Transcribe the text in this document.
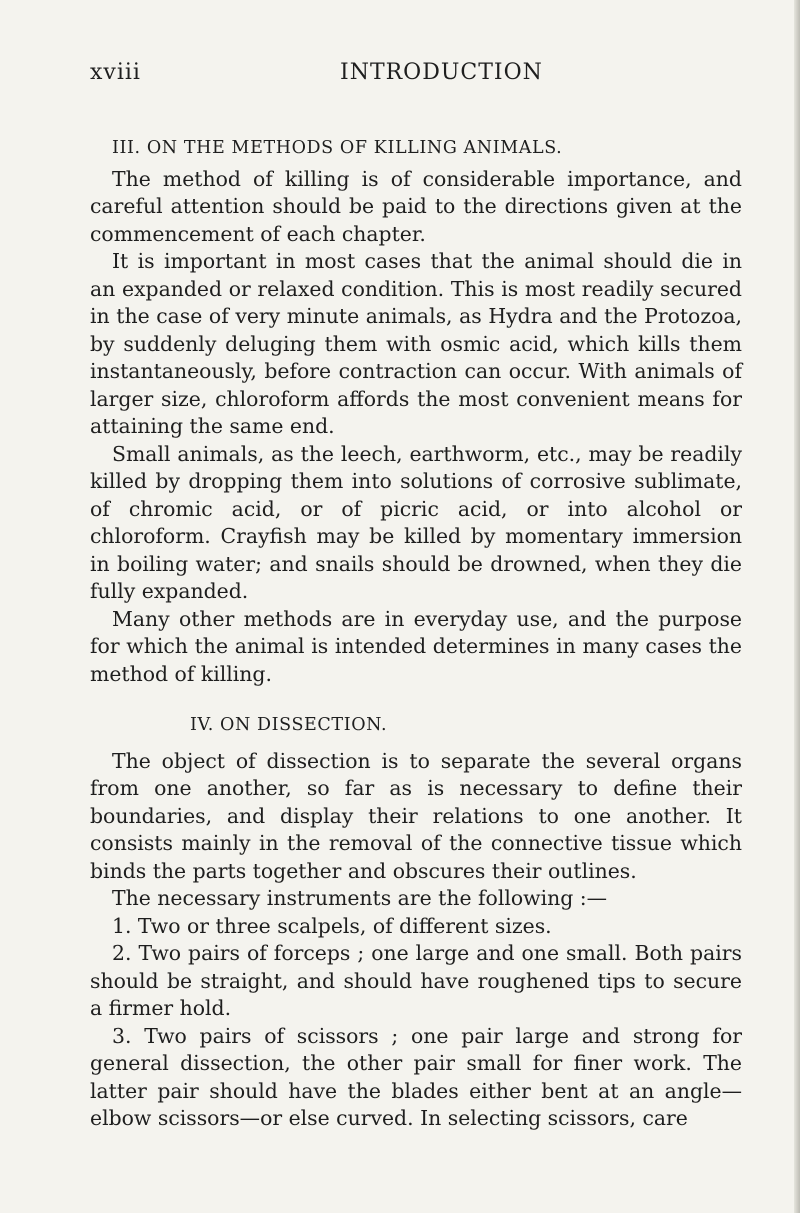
xviii	INTRODUCTION
III. ON THE METHODS OF KILLING ANIMALS.

The method of killing is of considerable importance, and careful attention should be paid to the directions given at the commencement of each chapter.

It is important in most cases that the animal should die in an expanded or relaxed condition. This is most readily secured in the case of very minute animals, as Hydra and the Protozoa, by suddenly deluging them with osmic acid, which kills them instantaneously, before contraction can occur. With animals of larger size, chloroform affords the most convenient means for attaining the same end.

Small animals, as the leech, earthworm, etc., may be readily killed by dropping them into solutions of corrosive sublimate, of chromic acid, or of picric acid, or into alcohol or chloroform. Crayfish may be killed by momentary immersion in boiling water; and snails should be drowned, when they die fully expanded.

Many other methods are in everyday use, and the purpose for which the animal is intended determines in many cases the method of killing.

IV. ON DISSECTION.

The object of dissection is to separate the several organs from one another, so far as is necessary to define their boundaries, and display their relations to one another. It consists mainly in the removal of the connective tissue which binds the parts together and obscures their outlines.

The necessary instruments are the following :—

1. Two or three scalpels, of different sizes.

2. Two pairs of forceps ; one large and one small. Both pairs should be straight, and should have roughened tips to secure a firmer hold.

3. Two pairs of scissors ; one pair large and strong for general dissection, the other pair small for finer work. The latter pair should have the blades either bent at an angle—elbow scissors—or else curved. In selecting scissors, care
